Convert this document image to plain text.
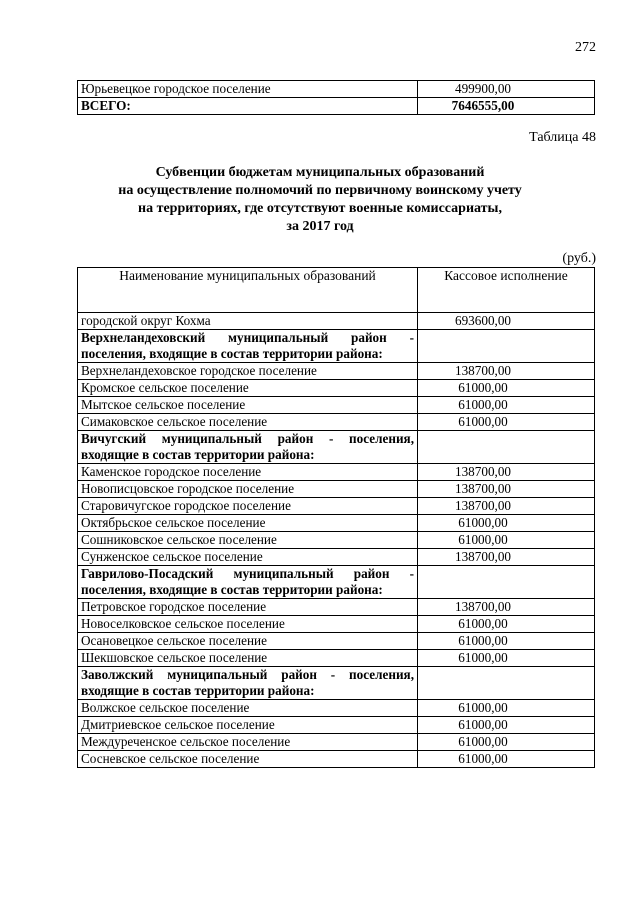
272
Юрьевецкое городское поселение	499900,00
ВСЕГО:	7646555,00
Таблица 48
Субвенции бюджетам муниципальных образований
на осуществление полномочий по первичному воинскому учету
на территориях, где отсутствуют военные комиссариаты,
за 2017 год
(руб.)
Наименование муниципальных образований	Кассовое исполнение
городской округ Кохма	693600,00
Верхнеландеховский муниципальный район - поселения, входящие в состав территории района:	
Верхнеландеховское городское поселение	138700,00
Кромское сельское поселение	61000,00
Мытское сельское поселение	61000,00
Симаковское сельское поселение	61000,00
Вичугский муниципальный район - поселения, входящие в состав территории района:	
Каменское городское поселение	138700,00
Новописцовское городское поселение	138700,00
Старовичугское городское поселение	138700,00
Октябрьское сельское поселение	61000,00
Сошниковское сельское поселение	61000,00
Сунженское сельское поселение	138700,00
Гаврилово-Посадский муниципальный район - поселения, входящие в состав территории района:	
Петровское городское поселение	138700,00
Новоселковское сельское поселение	61000,00
Осановецкое сельское поселение	61000,00
Шекшовское сельское поселение	61000,00
Заволжский муниципальный район - поселения, входящие в состав территории района:	
Волжское сельское поселение	61000,00
Дмитриевское сельское поселение	61000,00
Междуреченское сельское поселение	61000,00
Сосневское сельское поселение	61000,00
